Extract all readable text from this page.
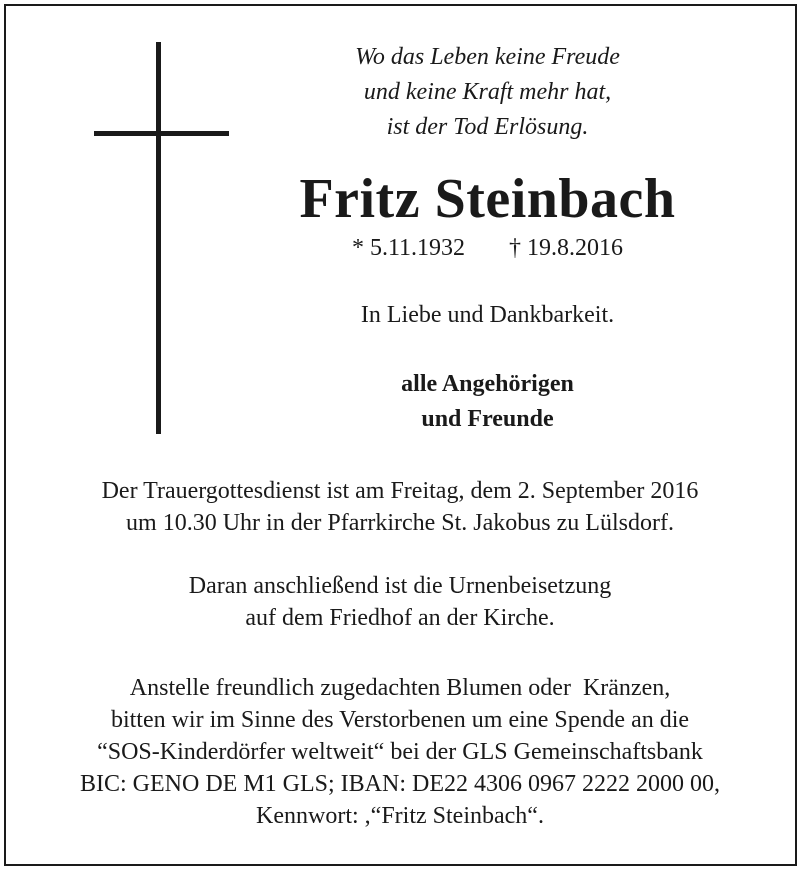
Wo das Leben keine Freude
und keine Kraft mehr hat,
ist der Tod Erlösung.
Fritz Steinbach
* 5.11.1932 † 19.8.2016
In Liebe und Dankbarkeit.
alle Angehörigen
und Freunde
Der Trauergottesdienst ist am Freitag, dem 2. September 2016
um 10.30 Uhr in der Pfarrkirche St. Jakobus zu Lülsdorf.
Daran anschließend ist die Urnenbeisetzung
auf dem Friedhof an der Kirche.
Anstelle freundlich zugedachten Blumen oder  Kränzen,
bitten wir im Sinne des Verstorbenen um eine Spende an die
“SOS-Kinderdörfer weltweit“ bei der GLS Gemeinschaftsbank
BIC: GENO DE M1 GLS; IBAN: DE22 4306 0967 2222 2000 00,
Kennwort: ,“Fritz Steinbach“.
